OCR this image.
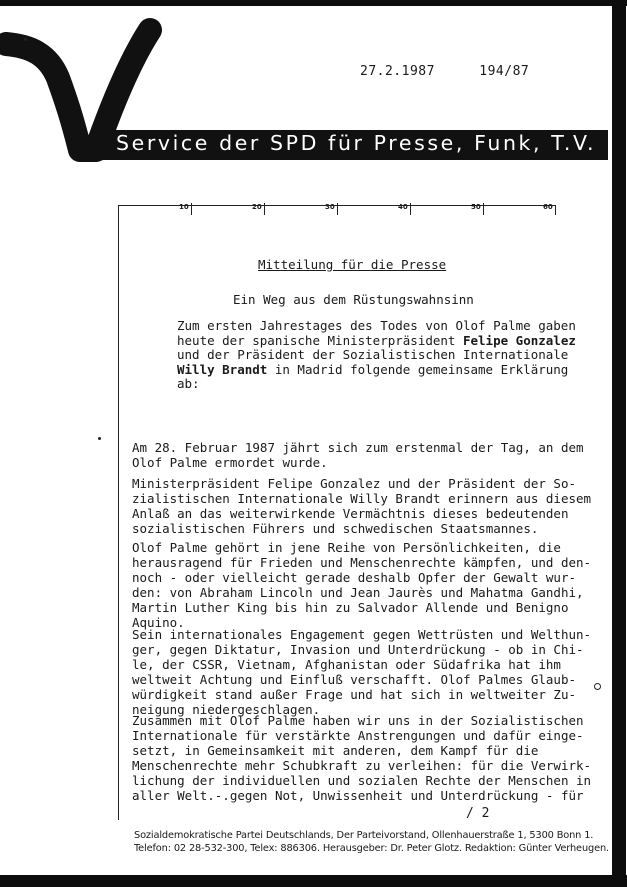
27.2.1987	194/87
Service der SPD für Presse, Funk, T.V.
10	20	30	40	50	60
Mitteilung für die Presse
Ein Weg aus dem Rüstungswahnsinn
Zum ersten Jahrestages des Todes von Olof Palme gaben
heute der spanische Ministerpräsident Felipe Gonzalez
und der Präsident der Sozialistischen Internationale
Willy Brandt in Madrid folgende gemeinsame Erklärung
ab:
Am 28. Februar 1987 jährt sich zum erstenmal der Tag, an dem
Olof Palme ermordet wurde.
Ministerpräsident Felipe Gonzalez und der Präsident der So-
zialistischen Internationale Willy Brandt erinnern aus diesem
Anlaß an das weiterwirkende Vermächtnis dieses bedeutenden
sozialistischen Führers und schwedischen Staatsmannes.
Olof Palme gehört in jene Reihe von Persönlichkeiten, die
herausragend für Frieden und Menschenrechte kämpfen, und den-
noch - oder vielleicht gerade deshalb Opfer der Gewalt wur-
den: von Abraham Lincoln und Jean Jaurès und Mahatma Gandhi,
Martin Luther King bis hin zu Salvador Allende und Benigno
Aquino.
Sein internationales Engagement gegen Wettrüsten und Welthun-
ger, gegen Diktatur, Invasion und Unterdrückung - ob in Chi-
le, der CSSR, Vietnam, Afghanistan oder Südafrika hat ihm
weltweit Achtung und Einfluß verschafft. Olof Palmes Glaub-
würdigkeit stand außer Frage und hat sich in weltweiter Zu-
neigung niedergeschlagen.
Zusammen mit Olof Palme haben wir uns in der Sozialistischen
Internationale für verstärkte Anstrengungen und dafür einge-
setzt, in Gemeinsamkeit mit anderen, dem Kampf für die
Menschenrechte mehr Schubkraft zu verleihen: für die Verwirk-
lichung der individuellen und sozialen Rechte der Menschen in
aller Welt.-.gegen Not, Unwissenheit und Unterdrückung - für
/ 2
Sozialdemokratische Partei Deutschlands, Der Parteivorstand, Ollenhauerstraße 1, 5300 Bonn 1.
Telefon: 02 28-532-300, Telex: 886306. Herausgeber: Dr. Peter Glotz. Redaktion: Günter Verheugen.
